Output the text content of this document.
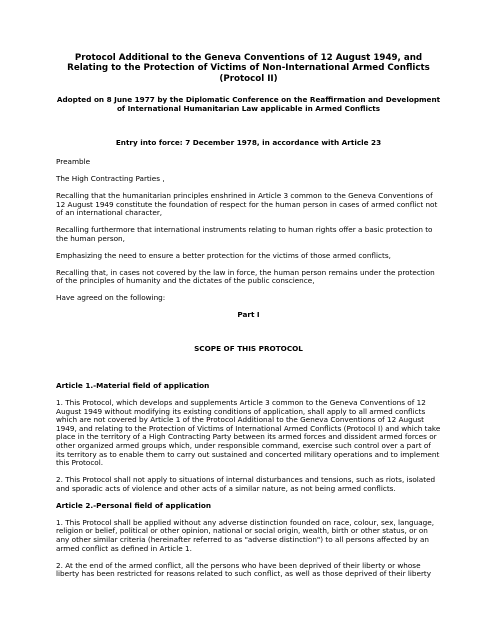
Protocol Additional to the Geneva Conventions of 12 August 1949, and Relating to the Protection of Victims of Non-International Armed Conflicts (Protocol II)
Adopted on 8 June 1977 by the Diplomatic Conference on the Reaffirmation and Development of International Humanitarian Law applicable in Armed Conflicts
Entry into force: 7 December 1978, in accordance with Article 23
Preamble
The High Contracting Parties ,
Recalling that the humanitarian principles enshrined in Article 3 common to the Geneva Conventions of 12 August 1949 constitute the foundation of respect for the human person in cases of armed conflict not of an international character,
Recalling furthermore that international instruments relating to human rights offer a basic protection to the human person,
Emphasizing the need to ensure a better protection for the victims of those armed conflicts,
Recalling that, in cases not covered by the law in force, the human person remains under the protection of the principles of humanity and the dictates of the public conscience,
Have agreed on the following:
Part I
SCOPE OF THIS PROTOCOL
Article 1.-Material field of application
1. This Protocol, which develops and supplements Article 3 common to the Geneva Conventions of 12 August 1949 without modifying its existing conditions of application, shall apply to all armed conflicts which are not covered by Article 1 of the Protocol Additional to the Geneva Conventions of 12 August 1949, and relating to the Protection of Victims of International Armed Conflicts (Protocol I) and which take place in the territory of a High Contracting Party between its armed forces and dissident armed forces or other organized armed groups which, under responsible command, exercise such control over a part of its territory as to enable them to carry out sustained and concerted military operations and to implement this Protocol.
2. This Protocol shall not apply to situations of internal disturbances and tensions, such as riots, isolated and sporadic acts of violence and other acts of a similar nature, as not being armed conflicts.
Article 2.-Personal field of application
1. This Protocol shall be applied without any adverse distinction founded on race, colour, sex, language, religion or belief, political or other opinion, national or social origin, wealth, birth or other status, or on any other similar criteria (hereinafter referred to as "adverse distinction") to all persons affected by an armed conflict as defined in Article 1.
2. At the end of the armed conflict, all the persons who have been deprived of their liberty or whose liberty has been restricted for reasons related to such conflict, as well as those deprived of their liberty
